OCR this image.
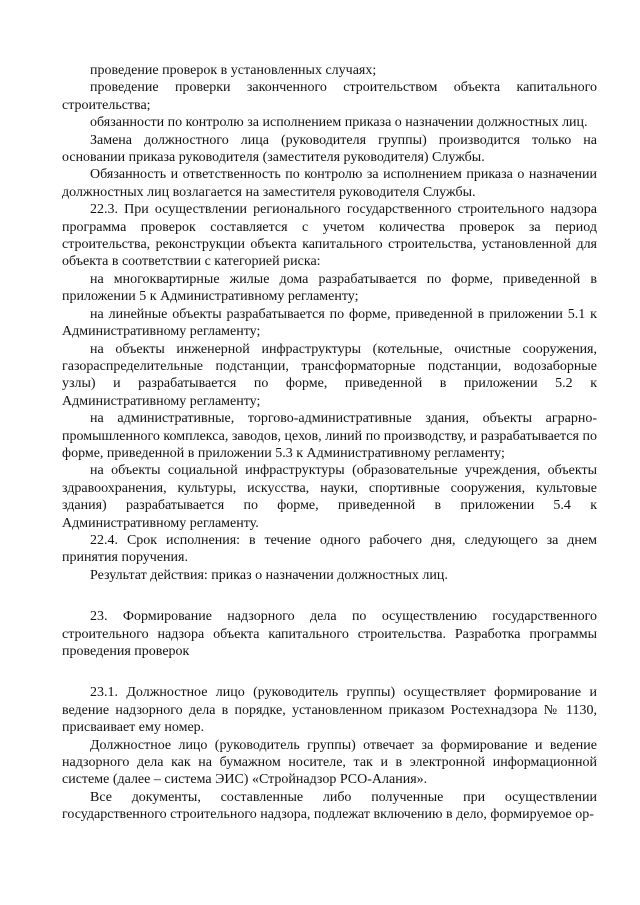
проведение проверок в установленных случаях;

проведение проверки законченного строительством объекта капитального строительства;

обязанности по контролю за исполнением приказа о назначении должностных лиц.

Замена должностного лица (руководителя группы) производится только на основании приказа руководителя (заместителя руководителя) Службы.

Обязанность и ответственность по контролю за исполнением приказа о назначении должностных лиц возлагается на заместителя руководителя Службы.

22.3. При осуществлении регионального государственного строительного надзора программа проверок составляется с учетом количества проверок за период строительства, реконструкции объекта капитального строительства, установленной для объекта в соответствии с категорией риска:

на многоквартирные жилые дома разрабатывается по форме, приведенной в приложении 5 к Административному регламенту;

на линейные объекты разрабатывается по форме, приведенной в приложении 5.1 к Административному регламенту;

на объекты инженерной инфраструктуры (котельные, очистные сооружения, газораспределительные подстанции, трансформаторные подстанции, водозаборные узлы) и разрабатывается по форме, приведенной в приложении 5.2 к Административному регламенту;

на административные, торгово-административные здания, объекты аграрно-промышленного комплекса, заводов, цехов, линий по производству, и разрабатывается по форме, приведенной в приложении 5.3 к Административному регламенту;

на объекты социальной инфраструктуры (образовательные учреждения, объекты здравоохранения, культуры, искусства, науки, спортивные сооружения, культовые здания) разрабатывается по форме, приведенной в приложении 5.4 к Административному регламенту.

22.4. Срок исполнения: в течение одного рабочего дня, следующего за днем принятия поручения.

Результат действия: приказ о назначении должностных лиц.

23. Формирование надзорного дела по осуществлению государственного строительного надзора объекта капитального строительства. Разработка программы проведения проверок

23.1. Должностное лицо (руководитель группы) осуществляет формирование и ведение надзорного дела в порядке, установленном приказом Ростехнадзора № 1130, присваивает ему номер.

Должностное лицо (руководитель группы) отвечает за формирование и ведение надзорного дела как на бумажном носителе, так и в электронной информационной системе (далее – система ЭИС) «Стройнадзор РСО-Алания».

Все документы, составленные либо полученные при осуществлении государственного строительного надзора, подлежат включению в дело, формируемое ор-
